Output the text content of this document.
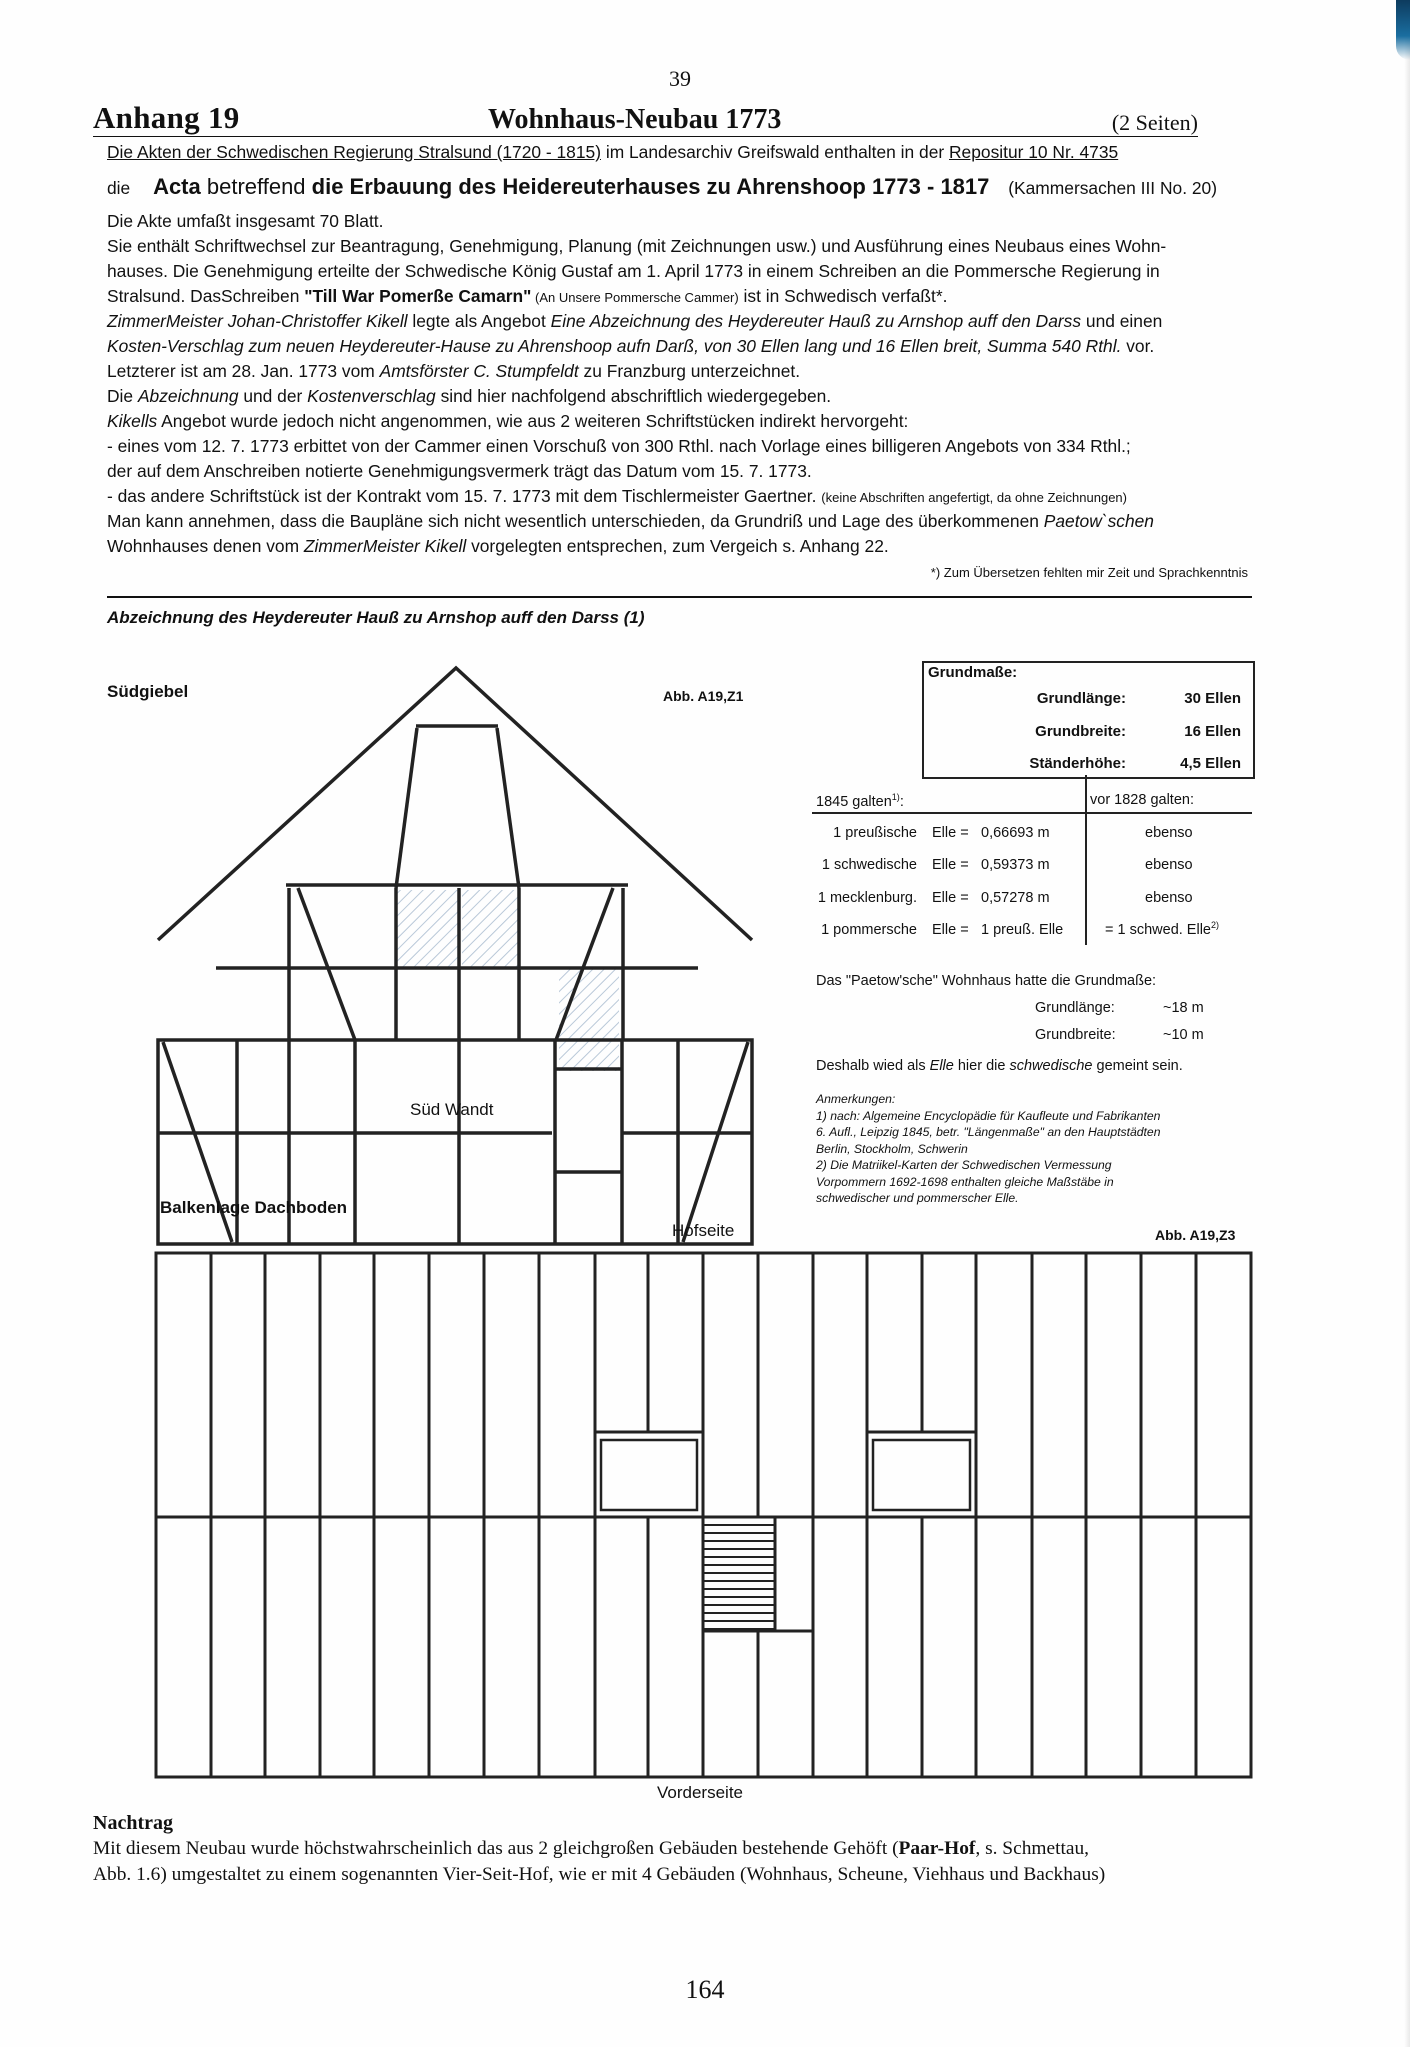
39
Anhang 19	Wohnhaus-Neubau 1773	(2 Seiten)
Die Akten der Schwedischen Regierung Stralsund (1720 - 1815) im Landesarchiv Greifswald enthalten in der Repositur 10 Nr. 4735
die Acta betreffend die Erbauung des Heidereuterhauses zu Ahrenshoop 1773 - 1817 (Kammersachen III No. 20)
Die Akte umfaßt insgesamt 70 Blatt.
Sie enthält Schriftwechsel zur Beantragung, Genehmigung, Planung (mit Zeichnungen usw.) und Ausführung eines Neubaus eines Wohn-
hauses. Die Genehmigung erteilte der Schwedische König Gustaf am 1. April 1773 in einem Schreiben an die Pommersche Regierung in
Stralsund. DasSchreiben "Till War Pomerße Camarn" (An Unsere Pommersche Cammer) ist in Schwedisch verfaßt*.
ZimmerMeister Johan-Christoffer Kikell legte als Angebot Eine Abzeichnung des Heydereuter Hauß zu Arnshop auff den Darss und einen
Kosten-Verschlag zum neuen Heydereuter-Hause zu Ahrenshoop aufn Darß, von 30 Ellen lang und 16 Ellen breit, Summa 540 Rthl. vor.
Letzterer ist am 28. Jan. 1773 vom Amtsförster C. Stumpfeldt zu Franzburg unterzeichnet.
Die Abzeichnung und der Kostenverschlag sind hier nachfolgend abschriftlich wiedergegeben.
Kikells Angebot wurde jedoch nicht angenommen, wie aus 2 weiteren Schriftstücken indirekt hervorgeht:
- eines vom 12. 7. 1773 erbittet von der Cammer einen Vorschuß von 300 Rthl. nach Vorlage eines billigeren Angebots von 334 Rthl.;
der auf dem Anschreiben notierte Genehmigungsvermerk trägt das Datum vom 15. 7. 1773.
- das andere Schriftstück ist der Kontrakt vom 15. 7. 1773 mit dem Tischlermeister Gaertner. (keine Abschriften angefertigt, da ohne Zeichnungen)
Man kann annehmen, dass die Baupläne sich nicht wesentlich unterschieden, da Grundriß und Lage des überkommenen Paetow`schen
Wohnhauses denen vom ZimmerMeister Kikell vorgelegten entsprechen, zum Vergeich s. Anhang 22.
*) Zum Übersetzen fehlten mir Zeit und Sprachkenntnis
Abzeichnung des Heydereuter Hauß zu Arnshop auff den Darss (1)
Südgiebel	Abb. A19,Z1
Süd Wandt
Grundmaße:
Grundlänge:	30 Ellen
Grundbreite:	16 Ellen
Ständerhöhe:	4,5 Ellen
1845 galten$^{1)}$:	vor 1828 galten:
1 preußische Elle = 0,66693 m	ebenso
1 schwedische Elle = 0,59373 m	ebenso
1 mecklenburg. Elle = 0,57278 m	ebenso
1 pommersche Elle = 1 preuß. Elle	= 1 schwed. Elle$^{2)}$
Das "Paetow'sche" Wohnhaus hatte die Grundmaße:
Grundlänge:	~18 m
Grundbreite:	~10 m
Deshalb wied als Elle hier die schwedische gemeint sein.
Anmerkungen:
1) nach: Algemeine Encyclopädie für Kaufleute und Fabrikanten
6. Aufl., Leipzig 1845, betr. "Längenmaße" an den Hauptstädten
Berlin, Stockholm, Schwerin
2) Die Matriikel-Karten der Schwedischen Vermessung
Vorpommern 1692-1698 enthalten gleiche Maßstäbe in
schwedischer und pommerscher Elle.
Balkenlage Dachboden
Hofseite	Abb. A19,Z3
Vorderseite
Nachtrag
Mit diesem Neubau wurde höchstwahrscheinlich das aus 2 gleichgroßen Gebäuden bestehende Gehöft (Paar-Hof, s. Schmettau,
Abb. 1.6) umgestaltet zu einem sogenannten Vier-Seit-Hof, wie er mit 4 Gebäuden (Wohnhaus, Scheune, Viehhaus und Backhaus)
164
